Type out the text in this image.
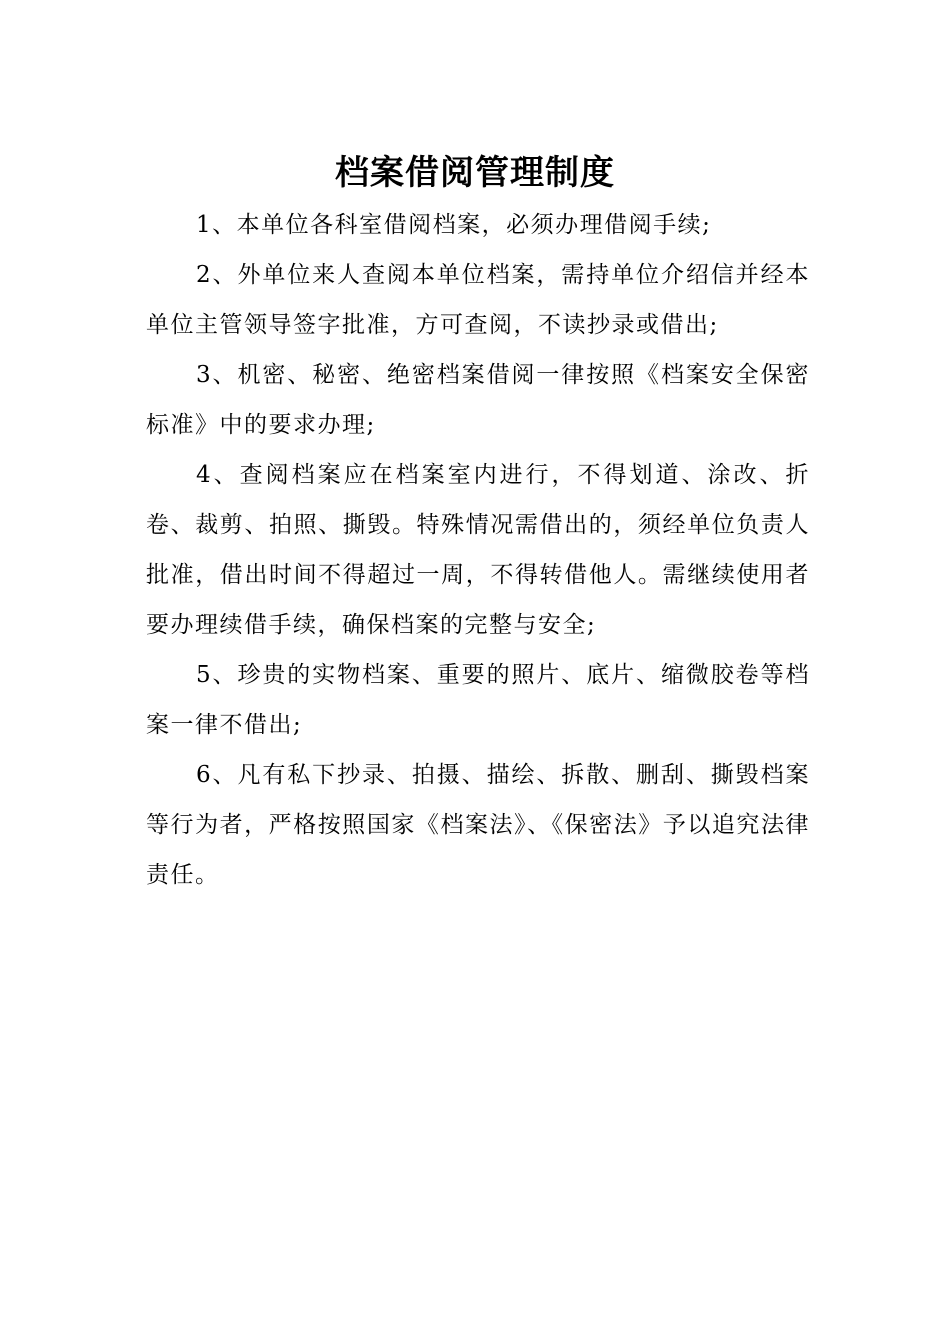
档案借阅管理制度

1、本单位各科室借阅档案，必须办理借阅手续;

2、外单位来人查阅本单位档案，需持单位介绍信并经本单位主管领导签字批准，方可查阅，不读抄录或借出;

3、机密、秘密、绝密档案借阅一律按照《档案安全保密标准》中的要求办理;

4、查阅档案应在档案室内进行，不得划道、涂改、折卷、裁剪、拍照、撕毁。特殊情况需借出的，须经单位负责人批准，借出时间不得超过一周，不得转借他人。需继续使用者要办理续借手续，确保档案的完整与安全;

5、珍贵的实物档案、重要的照片、底片、缩微胶卷等档案一律不借出;

6、凡有私下抄录、拍摄、描绘、拆散、删刮、撕毁档案等行为者，严格按照国家《档案法》、《保密法》予以追究法律责任。
